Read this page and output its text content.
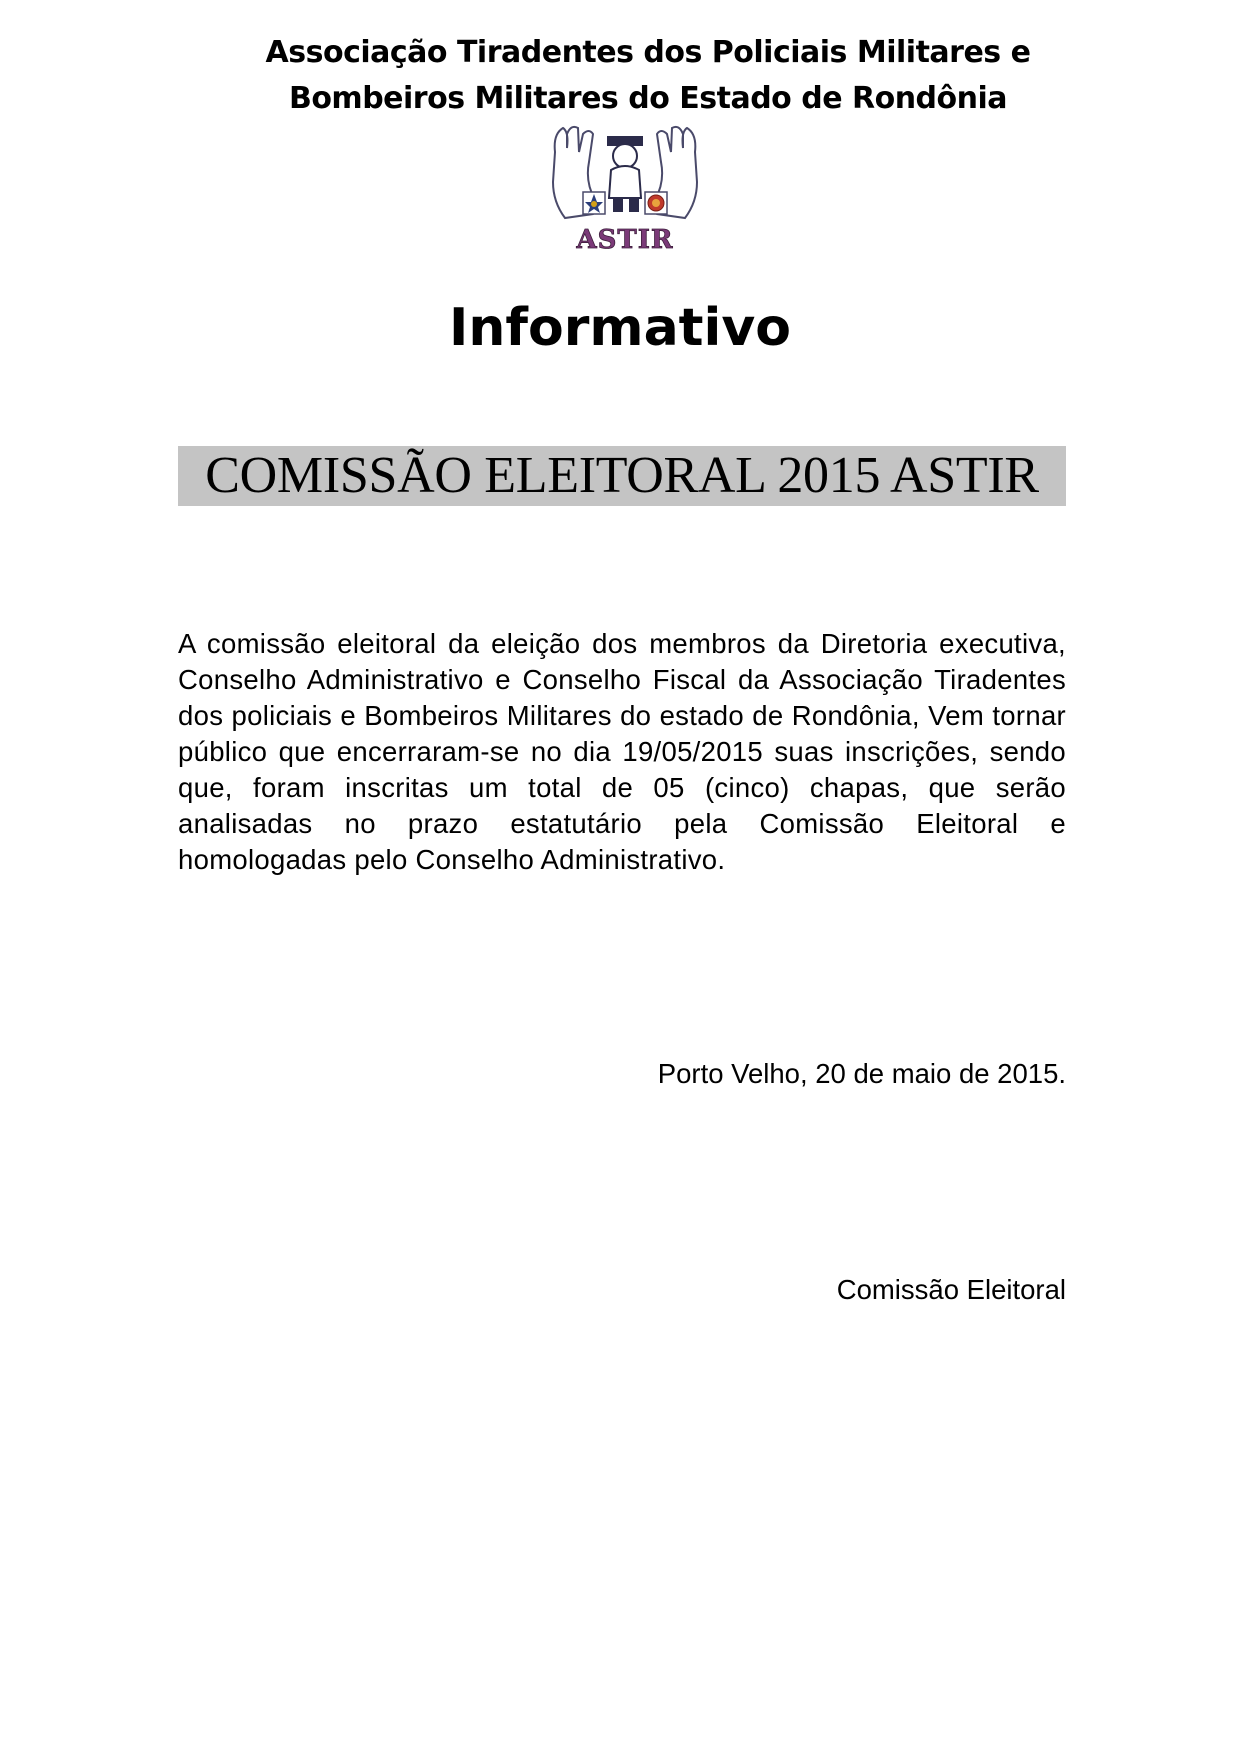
Associação Tiradentes dos Policiais Militares e
Bombeiros Militares do Estado de Rondônia
ASTIR
Informativo
COMISSÃO ELEITORAL 2015 ASTIR
A comissão eleitoral da eleição dos membros da Diretoria executiva, Conselho Administrativo e Conselho Fiscal da Associação Tiradentes dos policiais e Bombeiros Militares do estado de Rondônia, Vem tornar público que encerraram-se no dia 19/05/2015 suas inscrições, sendo que, foram inscritas um total de 05 (cinco) chapas, que serão analisadas no prazo estatutário pela Comissão Eleitoral e homologadas pelo Conselho Administrativo.
Porto Velho, 20 de maio de 2015.
Comissão Eleitoral
